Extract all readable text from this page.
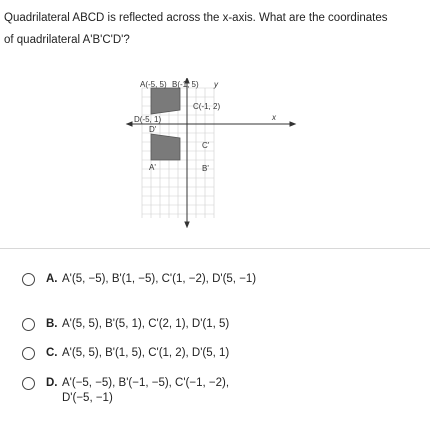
Quadrilateral ABCD is reflected across the x-axis. What are the coordinates
of quadrilateral A'B'C'D'?
A(-5, 5) B(-1, 5) y
C(-1, 2)
x
D(-5, 1)
D'
C'
A'	B'
A. A'(5, −5), B'(1, −5), C'(1, −2), D'(5, −1)
B. A'(5, 5), B'(5, 1), C'(2, 1), D'(1, 5)
C. A'(5, 5), B'(1, 5), C'(1, 2), D'(5, 1)
D. A'(−5, −5), B'(−1, −5), C'(−1, −2), D'(−5, −1)
